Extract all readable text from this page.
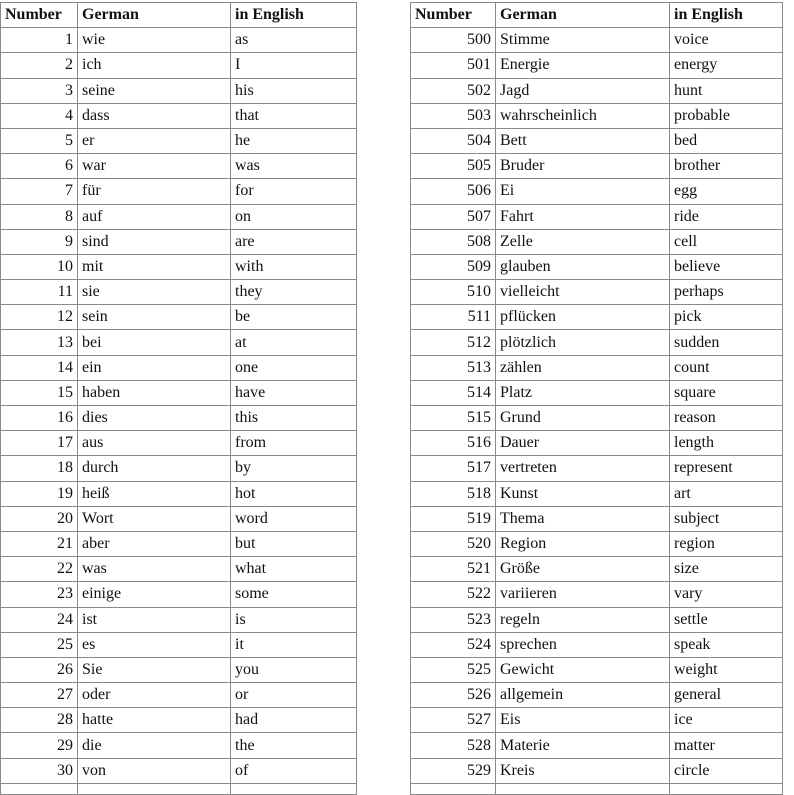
Number	German	in English
1	wie	as
2	ich	I
3	seine	his
4	dass	that
5	er	he
6	war	was
7	für	for
8	auf	on
9	sind	are
10	mit	with
11	sie	they
12	sein	be
13	bei	at
14	ein	one
15	haben	have
16	dies	this
17	aus	from
18	durch	by
19	heiß	hot
20	Wort	word
21	aber	but
22	was	what
23	einige	some
24	ist	is
25	es	it
26	Sie	you
27	oder	or
28	hatte	had
29	die	the
30	von	of

Number	German	in English
500	Stimme	voice
501	Energie	energy
502	Jagd	hunt
503	wahrscheinlich	probable
504	Bett	bed
505	Bruder	brother
506	Ei	egg
507	Fahrt	ride
508	Zelle	cell
509	glauben	believe
510	vielleicht	perhaps
511	pflücken	pick
512	plötzlich	sudden
513	zählen	count
514	Platz	square
515	Grund	reason
516	Dauer	length
517	vertreten	represent
518	Kunst	art
519	Thema	subject
520	Region	region
521	Größe	size
522	variieren	vary
523	regeln	settle
524	sprechen	speak
525	Gewicht	weight
526	allgemein	general
527	Eis	ice
528	Materie	matter
529	Kreis	circle
